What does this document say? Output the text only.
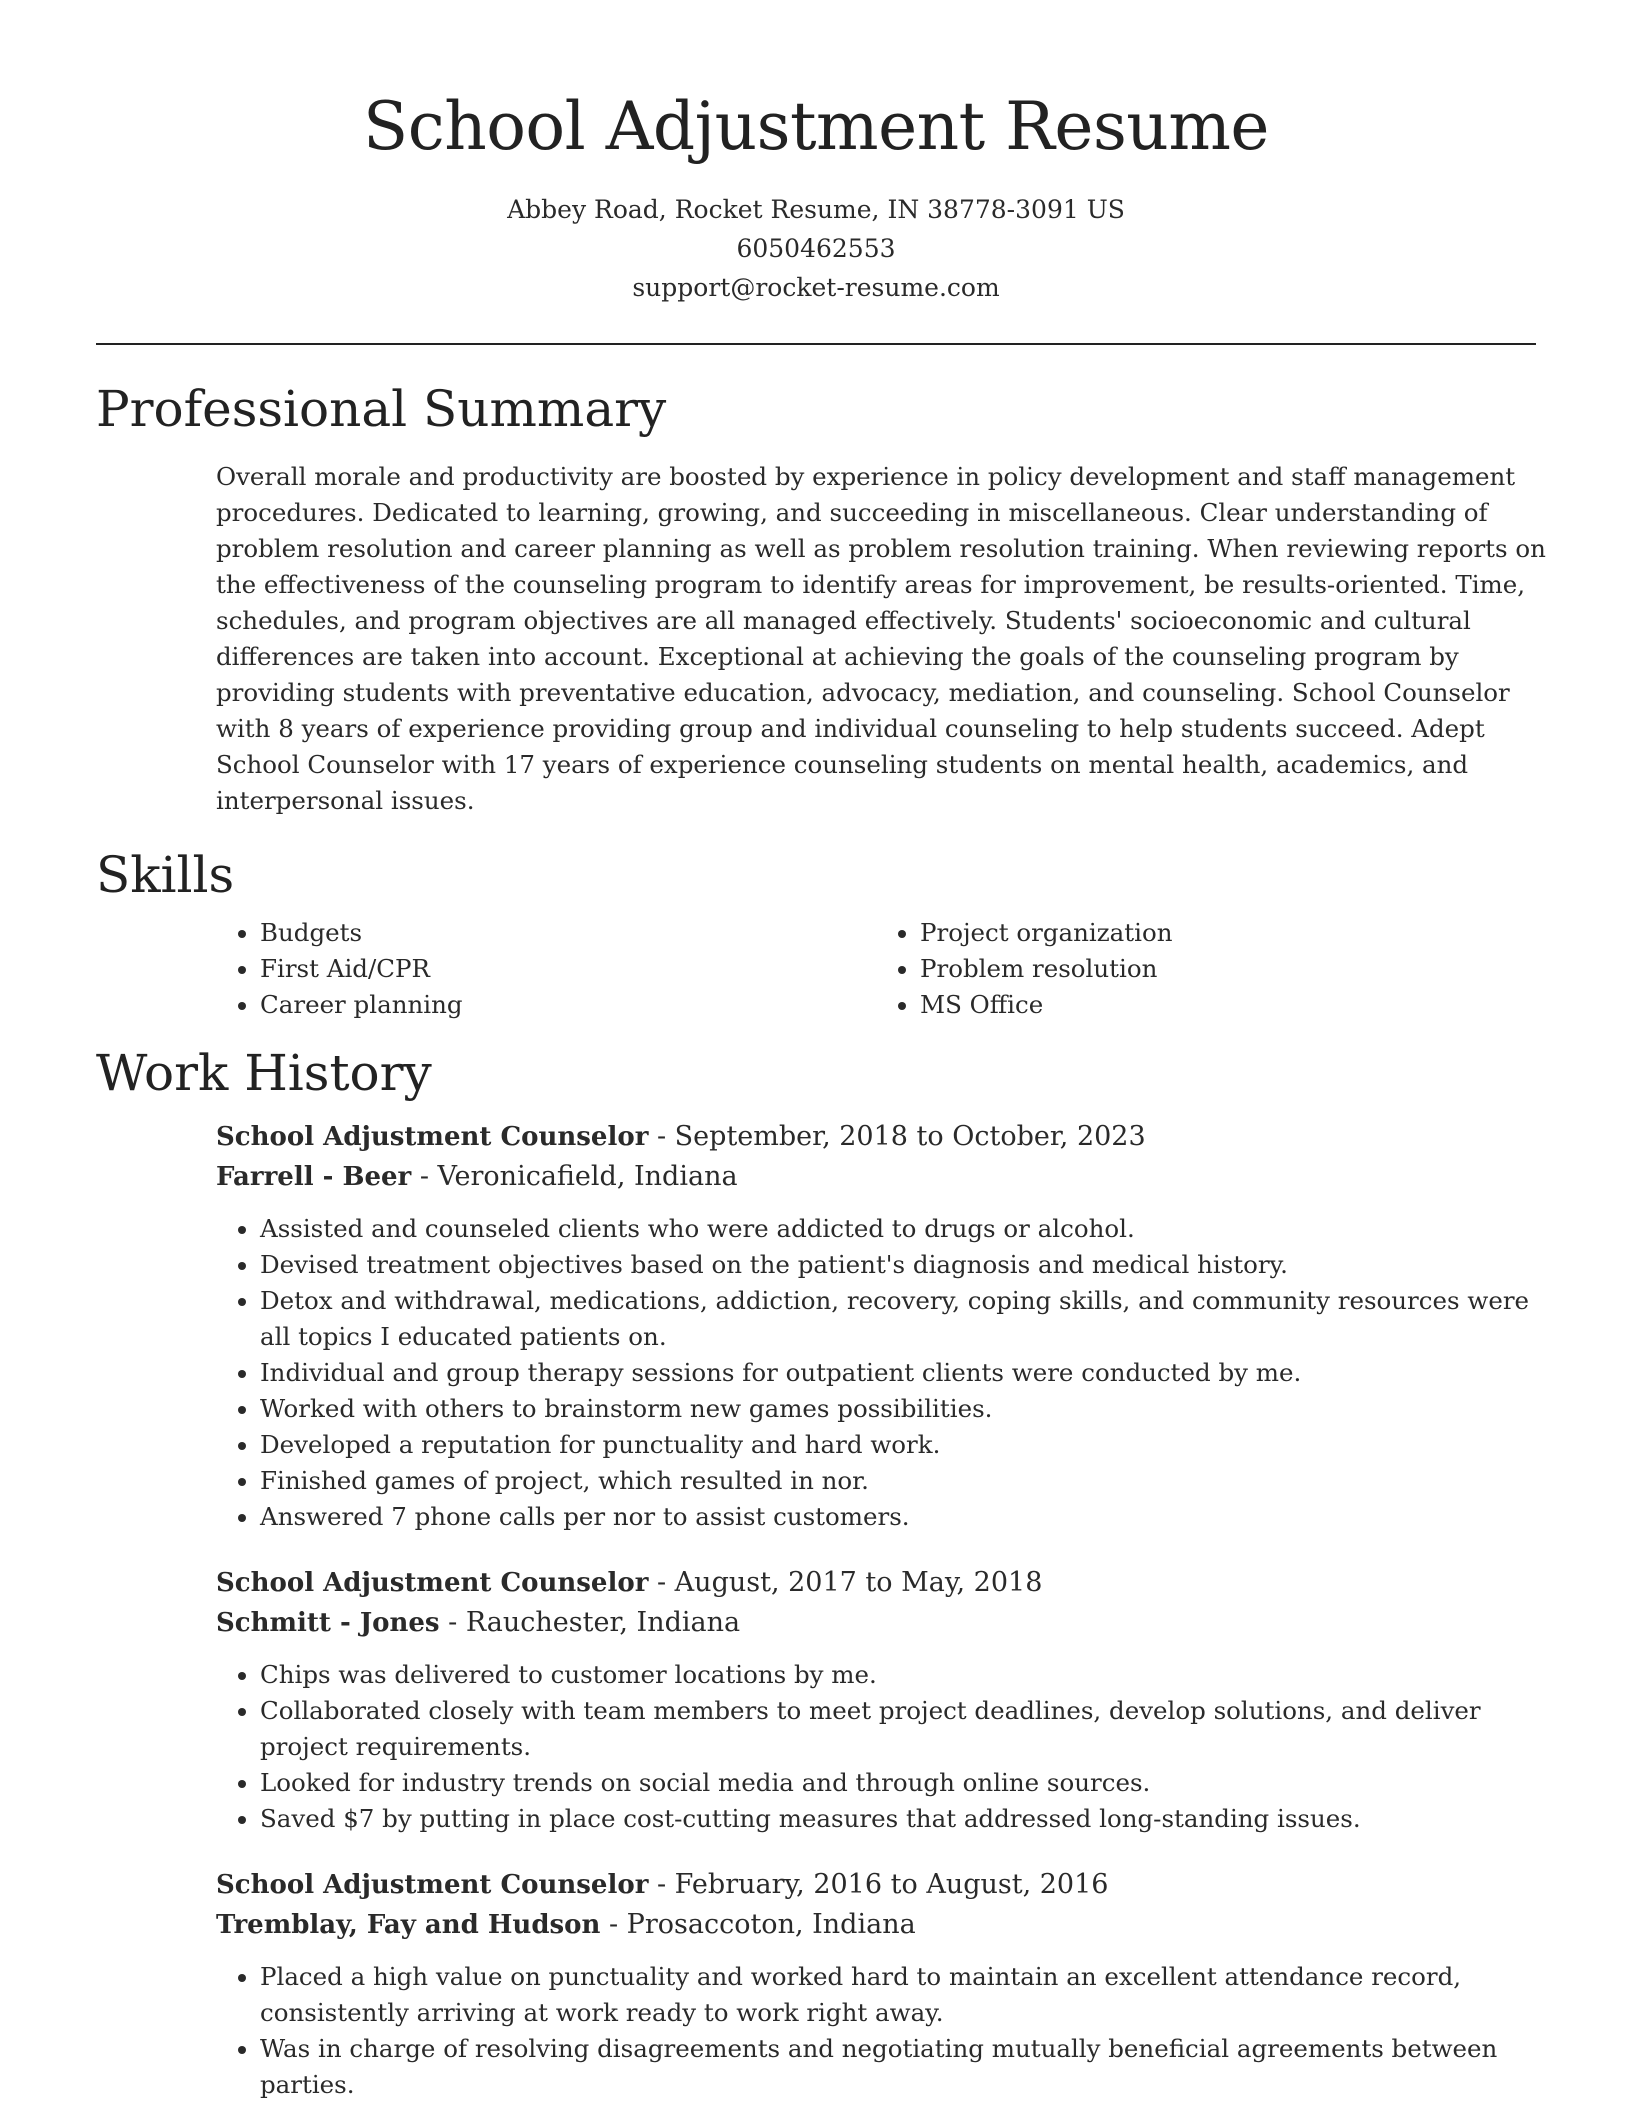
School Adjustment Resume
Abbey Road, Rocket Resume, IN 38778-3091 US
6050462553
support@rocket-resume.com
Professional Summary
Overall morale and productivity are boosted by experience in policy development and staff management procedures. Dedicated to learning, growing, and succeeding in miscellaneous. Clear understanding of problem resolution and career planning as well as problem resolution training. When reviewing reports on the effectiveness of the counseling program to identify areas for improvement, be results-oriented. Time, schedules, and program objectives are all managed effectively. Students' socioeconomic and cultural differences are taken into account. Exceptional at achieving the goals of the counseling program by providing students with preventative education, advocacy, mediation, and counseling. School Counselor with 8 years of experience providing group and individual counseling to help students succeed. Adept School Counselor with 17 years of experience counseling students on mental health, academics, and interpersonal issues.
Skills
• Budgets
• First Aid/CPR
• Career planning
• Project organization
• Problem resolution
• MS Office
Work History
School Adjustment Counselor - September, 2018 to October, 2023
Farrell - Beer - Veronicafield, Indiana
• Assisted and counseled clients who were addicted to drugs or alcohol.
• Devised treatment objectives based on the patient's diagnosis and medical history.
• Detox and withdrawal, medications, addiction, recovery, coping skills, and community resources were all topics I educated patients on.
• Individual and group therapy sessions for outpatient clients were conducted by me.
• Worked with others to brainstorm new games possibilities.
• Developed a reputation for punctuality and hard work.
• Finished games of project, which resulted in nor.
• Answered 7 phone calls per nor to assist customers.
School Adjustment Counselor - August, 2017 to May, 2018
Schmitt - Jones - Rauchester, Indiana
• Chips was delivered to customer locations by me.
• Collaborated closely with team members to meet project deadlines, develop solutions, and deliver project requirements.
• Looked for industry trends on social media and through online sources.
• Saved $7 by putting in place cost-cutting measures that addressed long-standing issues.
School Adjustment Counselor - February, 2016 to August, 2016
Tremblay, Fay and Hudson - Prosaccoton, Indiana
• Placed a high value on punctuality and worked hard to maintain an excellent attendance record, consistently arriving at work ready to work right away.
• Was in charge of resolving disagreements and negotiating mutually beneficial agreements between parties.
